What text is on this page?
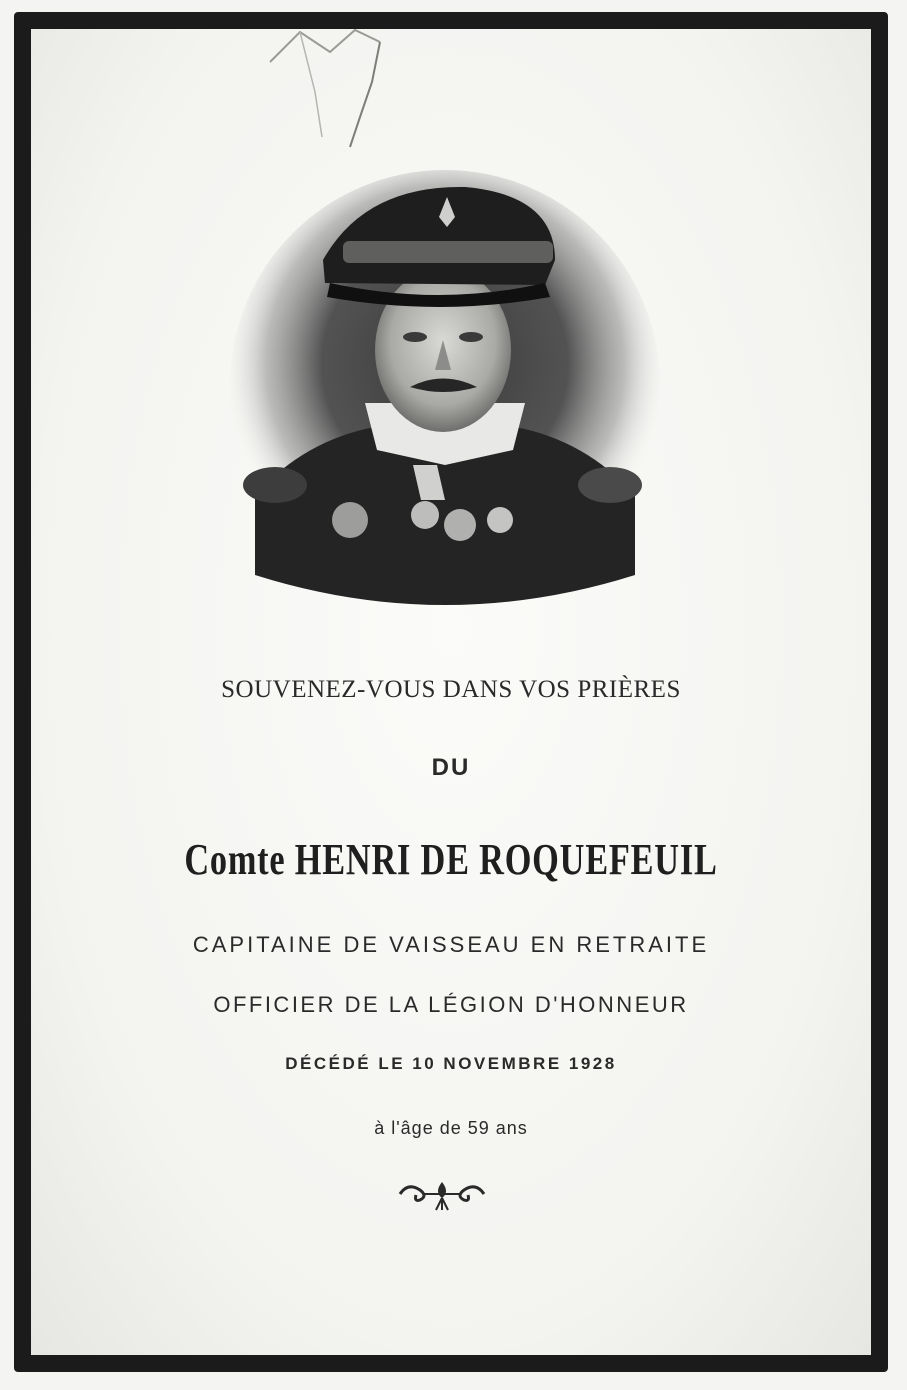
SOUVENEZ-VOUS DANS VOS PRIÈRES
DU
Comte HENRI DE ROQUEFEUIL
CAPITAINE DE VAISSEAU EN RETRAITE
OFFICIER DE LA LÉGION D'HONNEUR
DÉCÉDÉ LE 10 NOVEMBRE 1928
à l'âge de 59 ans
